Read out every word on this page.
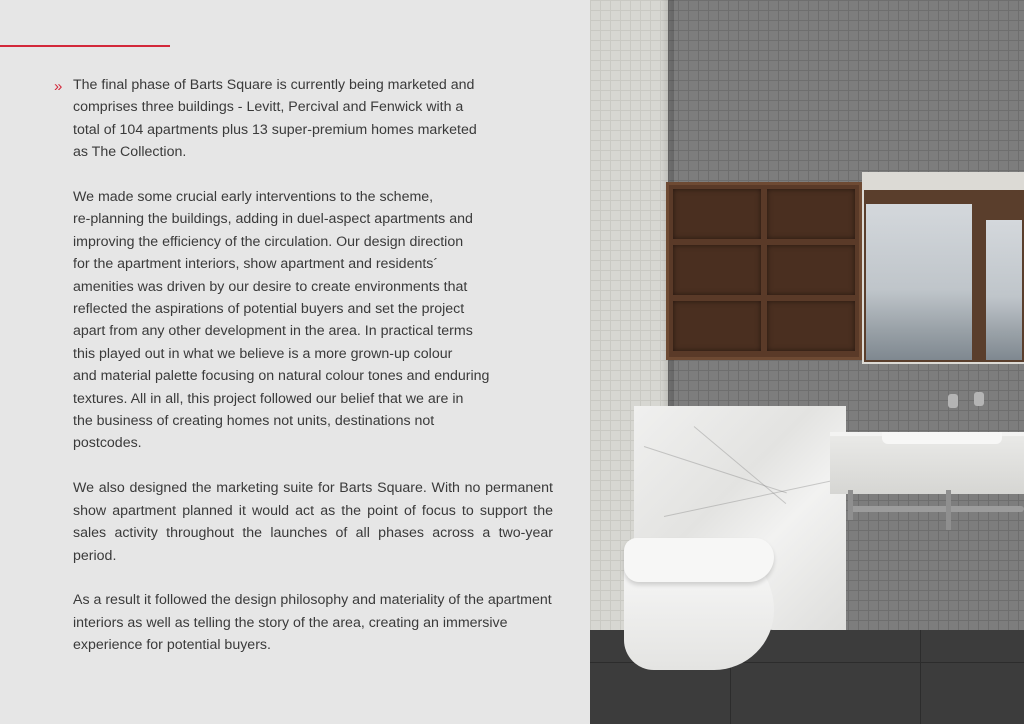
» The final phase of Barts Square is currently being marketed and
comprises three buildings - Levitt, Percival and Fenwick with a
total of 104 apartments plus 13 super-premium homes marketed
as The Collection.

We made some crucial early interventions to the scheme,
re-planning the buildings, adding in duel-aspect apartments and
improving the efficiency of the circulation. Our design direction
for the apartment interiors, show apartment and residents´
amenities was driven by our desire to create environments that
reflected the aspirations of potential buyers and set the project
apart from any other development in the area. In practical terms
this played out in what we believe is a more grown-up colour
and material palette focusing on natural colour tones and enduring
textures. All in all, this project followed our belief that we are in
the business of creating homes not units, destinations not
postcodes.

We also designed the marketing suite for Barts Square. With no permanent show apartment planned it would act as the point of focus to support the sales activity throughout the launches of all phases across a two-year period.

As a result it followed the design philosophy and materiality of the apartment interiors as well as telling the story of the area, creating an immersive experience for potential buyers.
